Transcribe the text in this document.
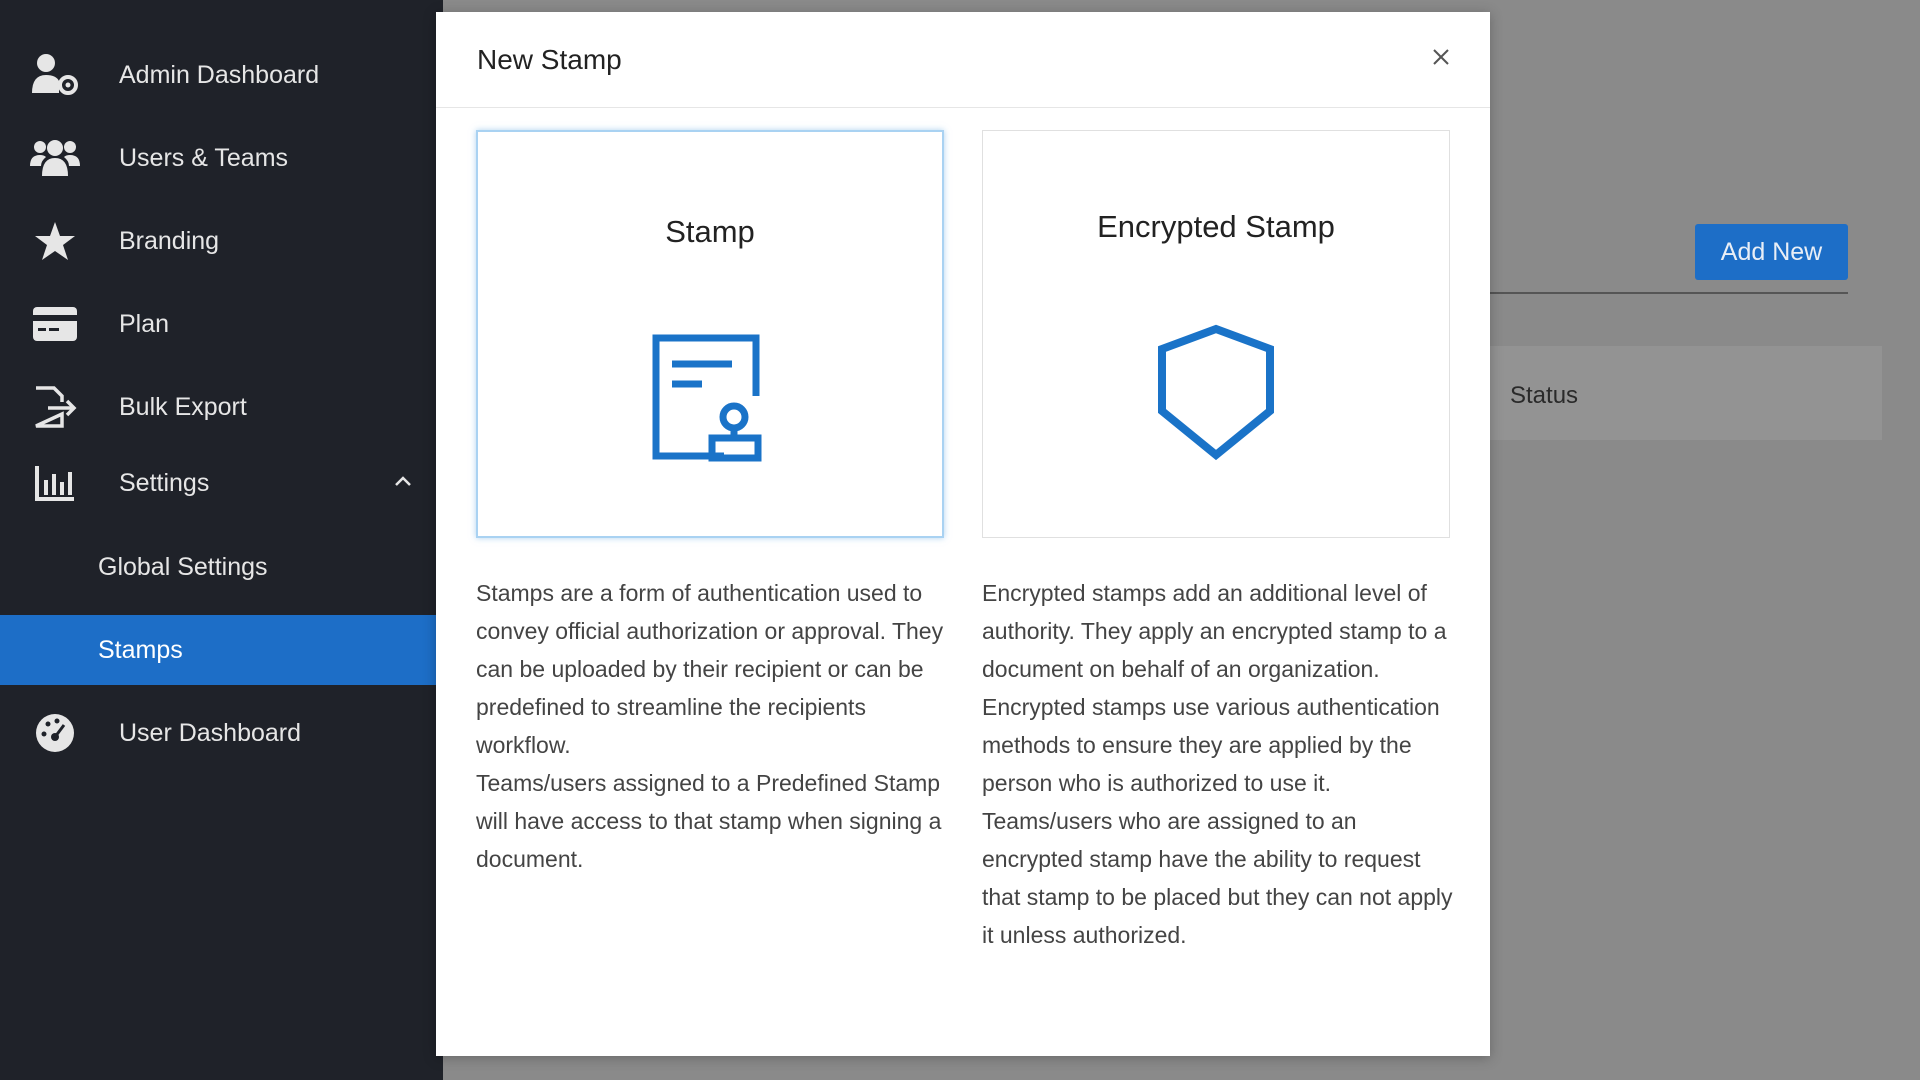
Admin Dashboard
Users & Teams
Branding
Plan
Bulk Export
Settings
Global Settings
Stamps
User Dashboard
Add New
Status
New Stamp
Stamp	Encrypted Stamp

Stamps are a form of authentication used to convey official authorization or approval. They can be uploaded by their recipient or can be predefined to streamline the recipients workflow.

Teams/users assigned to a Predefined Stamp will have access to that stamp when signing a document.

Encrypted stamps add an additional level of authority. They apply an encrypted stamp to a document on behalf of an organization. Encrypted stamps use various authentication methods to ensure they are applied by the person who is authorized to use it.

Teams/users who are assigned to an encrypted stamp have the ability to request that stamp to be placed but they can not apply it unless authorized.
